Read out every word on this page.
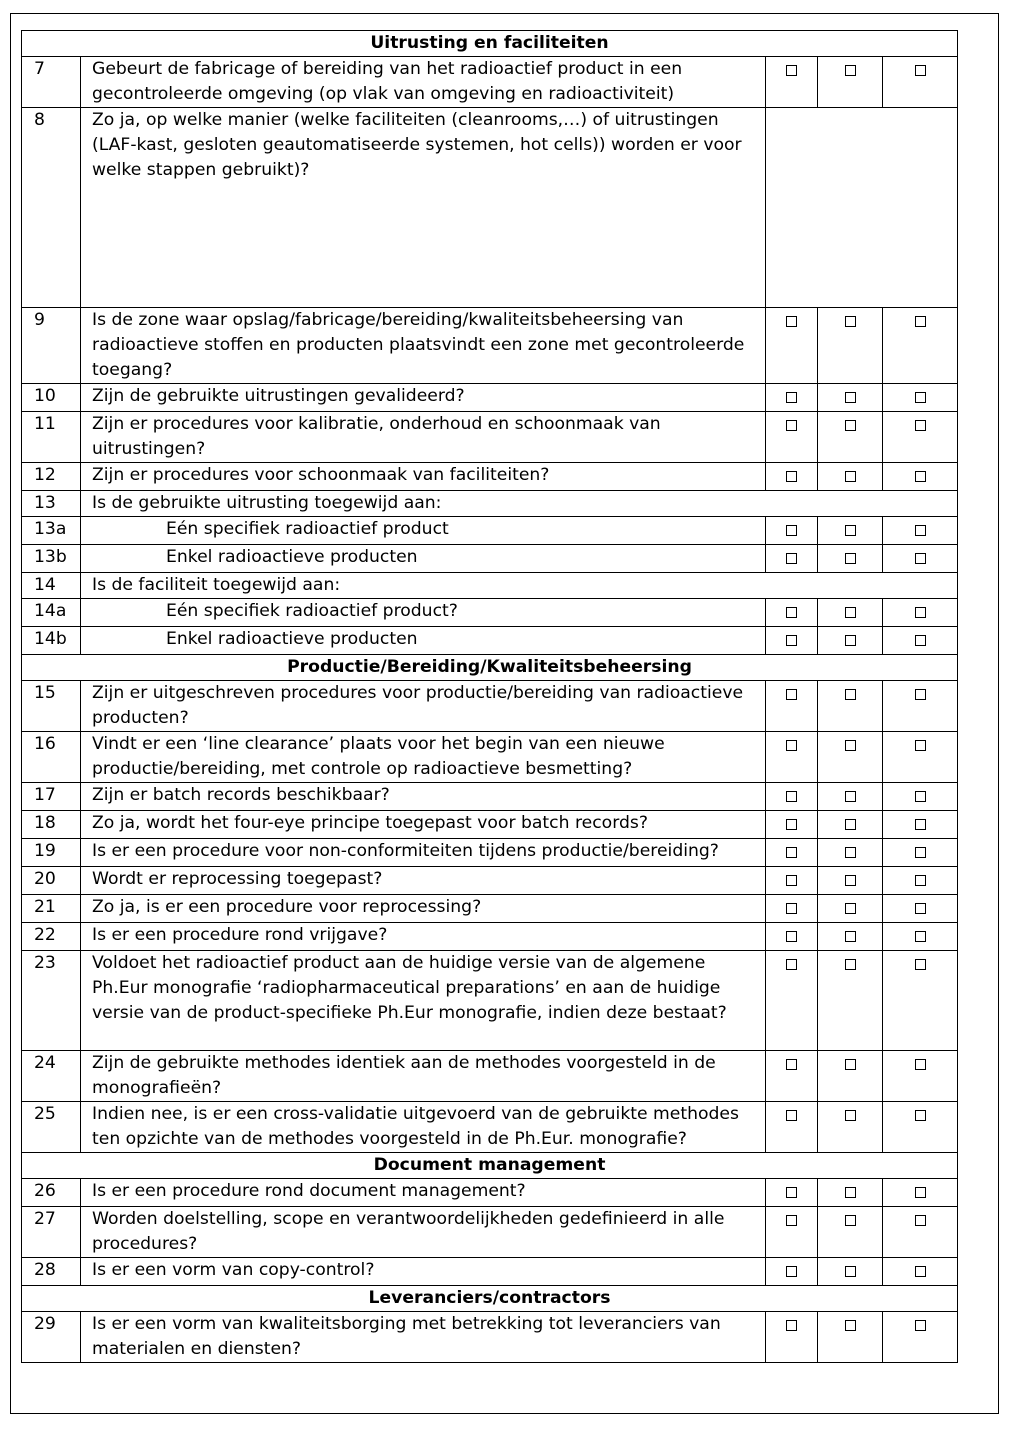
Uitrusting en faciliteiten				
7	Gebeurt de fabricage of bereiding van het radioactief product in een gecontroleerde omgeving (op vlak van omgeving en radioactiviteit)			
8	Zo ja, op welke manier (welke faciliteiten (cleanrooms,…) of uitrustingen (LAF-kast, gesloten geautomatiseerde systemen, hot cells)) worden er voor welke stappen gebruikt)?			
9	Is de zone waar opslag/fabricage/bereiding/kwaliteitsbeheersing van radioactieve stoffen en producten plaatsvindt een zone met gecontroleerde toegang?			
10	Zijn de gebruikte uitrustingen gevalideerd?			
11	Zijn er procedures voor kalibratie, onderhoud en schoonmaak van uitrustingen?			
12	Zijn er procedures voor schoonmaak van faciliteiten?			
13	Is de gebruikte uitrusting toegewijd aan:			
13a	Eén specifiek radioactief product			
13b	Enkel radioactieve producten			
14	Is de faciliteit toegewijd aan:			
14a	Eén specifiek radioactief product?			
14b	Enkel radioactieve producten			
Productie/Bereiding/Kwaliteitsbeheersing				
15	Zijn er uitgeschreven procedures voor productie/bereiding van radioactieve producten?			
16	Vindt er een ‘line clearance’ plaats voor het begin van een nieuwe productie/bereiding, met controle op radioactieve besmetting?			
17	Zijn er batch records beschikbaar?			
18	Zo ja, wordt het four-eye principe toegepast voor batch records?			
19	Is er een procedure voor non-conformiteiten tijdens productie/bereiding?			
20	Wordt er reprocessing toegepast?			
21	Zo ja, is er een procedure voor reprocessing?			
22	Is er een procedure rond vrijgave?			
23	Voldoet het radioactief product aan de huidige versie van de algemene Ph.Eur monografie ‘radiopharmaceutical preparations’ en aan de huidige versie van de product-specifieke Ph.Eur monografie, indien deze bestaat?			
24	Zijn de gebruikte methodes identiek aan de methodes voorgesteld in de monografieën?			
25	Indien nee, is er een cross-validatie uitgevoerd van de gebruikte methodes ten opzichte van de methodes voorgesteld in de Ph.Eur. monografie?			
Document management				
26	Is er een procedure rond document management?			
27	Worden doelstelling, scope en verantwoordelijkheden gedefinieerd in alle procedures?			
28	Is er een vorm van copy-control?			
Leveranciers/contractors				
29	Is er een vorm van kwaliteitsborging met betrekking tot leveranciers van materialen en diensten?			
